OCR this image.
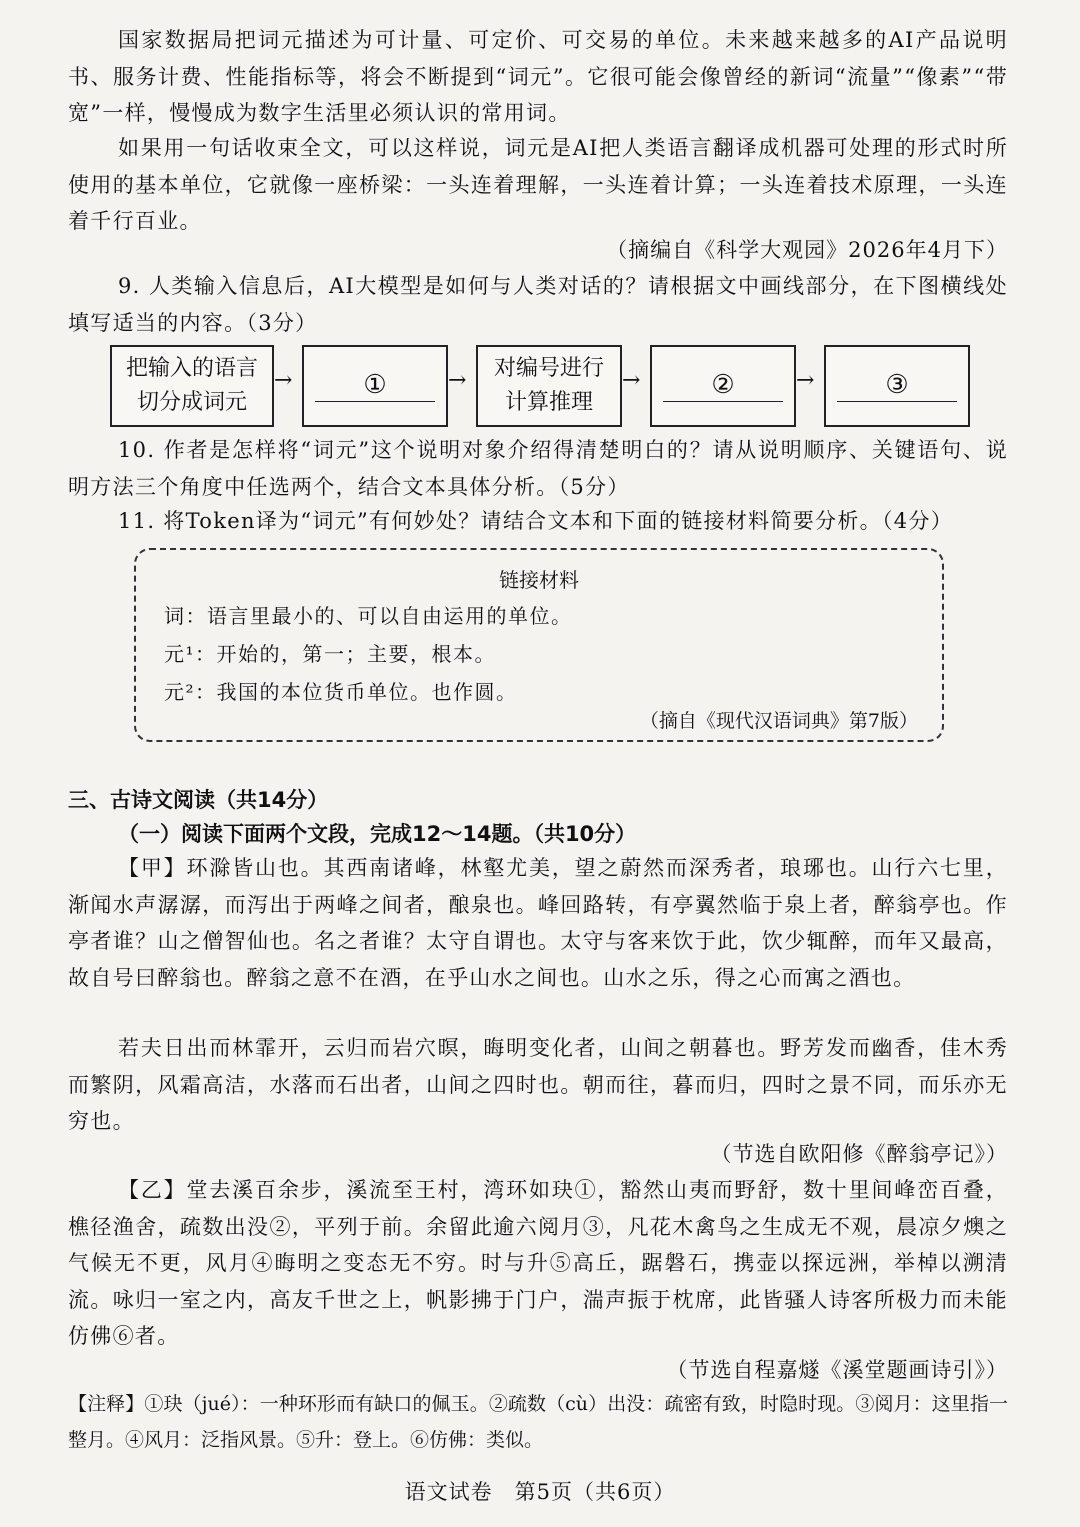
国家数据局把词元描述为可计量、可定价、可交易的单位。未来越来越多的AI产品说明书、服务计费、性能指标等，将会不断提到“词元”。它很可能会像曾经的新词“流量”“像素”“带宽”一样，慢慢成为数字生活里必须认识的常用词。

如果用一句话收束全文，可以这样说，词元是AI把人类语言翻译成机器可处理的形式时所使用的基本单位，它就像一座桥梁：一头连着理解，一头连着计算；一头连着技术原理，一头连着千行百业。

（摘编自《科学大观园》2026年4月下）

9. 人类输入信息后，AI大模型是如何与人类对话的？请根据文中画线部分，在下图横线处填写适当的内容。（3分）

把输入的语言
切分成词元
→	①	→ 对编号进行
计算推理
→	②	→	③

10. 作者是怎样将“词元”这个说明对象介绍得清楚明白的？请从说明顺序、关键语句、说明方法三个角度中任选两个，结合文本具体分析。（5分）

11. 将Token译为“词元”有何妙处？请结合文本和下面的链接材料简要分析。（4分）

链接材料
词：语言里最小的、可以自由运用的单位。
元¹：开始的，第一；主要，根本。
元²：我国的本位货币单位。也作圆。
（摘自《现代汉语词典》第7版）

三、古诗文阅读（共14分）

（一）阅读下面两个文段，完成12～14题。（共10分）

【甲】环滁皆山也。其西南诸峰，林壑尤美，望之蔚然而深秀者，琅琊也。山行六七里，渐闻水声潺潺，而泻出于两峰之间者，酿泉也。峰回路转，有亭翼然临于泉上者，醉翁亭也。作亭者谁？山之僧智仙也。名之者谁？太守自谓也。太守与客来饮于此，饮少辄醉，而年又最高，故自号曰醉翁也。醉翁之意不在酒，在乎山水之间也。山水之乐，得之心而寓之酒也。

若夫日出而林霏开，云归而岩穴暝，晦明变化者，山间之朝暮也。野芳发而幽香，佳木秀而繁阴，风霜高洁，水落而石出者，山间之四时也。朝而往，暮而归，四时之景不同，而乐亦无穷也。

（节选自欧阳修《醉翁亭记》）

【乙】堂去溪百余步，溪流至王村，湾环如玦①，豁然山夷而野舒，数十里间峰峦百叠，樵径渔舍，疏数出没②，平列于前。余留此逾六阅月③，凡花木禽鸟之生成无不观，晨凉夕燠之气候无不更，风月④晦明之变态无不穷。时与升⑤高丘，踞磐石，携壶以探远洲，举棹以溯清流。咏归一室之内，高友千世之上，帆影拂于门户，湍声振于枕席，此皆骚人诗客所极力而未能仿佛⑥者。

（节选自程嘉燧《溪堂题画诗引》）

【注释】①玦（jué）：一种环形而有缺口的佩玉。②疏数（cù）出没：疏密有致，时隐时现。③阅月：这里指一整月。④风月：泛指风景。⑤升：登上。⑥仿佛：类似。

语文试卷　第5页（共6页）
